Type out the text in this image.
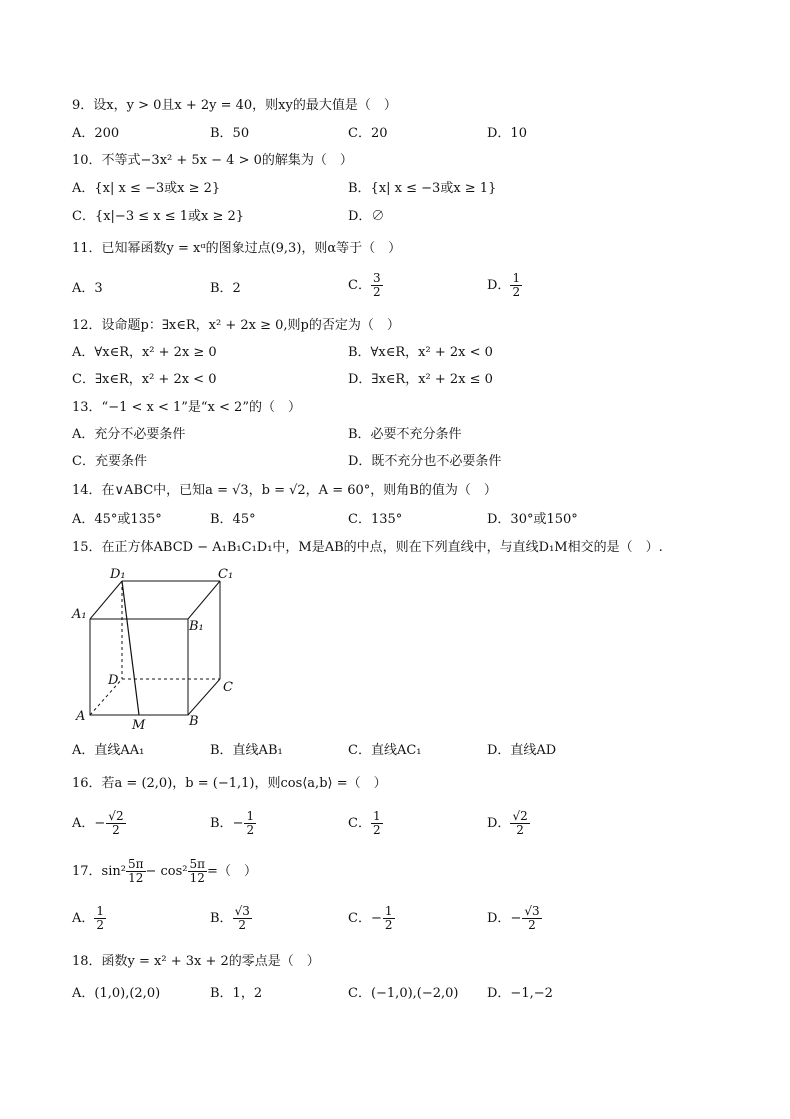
9．设x，y > 0且x + 2y = 40，则xy的最大值是（　）
A．200	B．50	C．20	D．10
10．不等式−3x² + 5x − 4 > 0的解集为（　）
A．{x| x ≤ −3或x ≥ 2}	B．{x| x ≤ −3或x ≥ 1}
C．{x|−3 ≤ x ≤ 1或x ≥ 2}	D．∅
11．已知幂函数y = xᵅ的图象过点(9,3)，则α等于（　）
A．3	B．2	C． $\frac{3}{2}$	D． $\frac{1}{2}$
12．设命题p：∃x∈R，x² + 2x ≥ 0,则p的否定为（　）
A．∀x∈R，x² + 2x ≥ 0	B．∀x∈R，x² + 2x < 0
C．∃x∈R，x² + 2x < 0	D．∃x∈R，x² + 2x ≤ 0
13．“−1 < x < 1”是“x < 2”的（　）
A．充分不必要条件	B．必要不充分条件
C．充要条件	D．既不充分也不必要条件
14．在∨ABC中，已知a = √3，b = √2，A = 60°，则角B的值为（　）
A．45°或135°	B．45°	C．135°	D．30°或150°
15．在正方体ABCD − A₁B₁C₁D₁中，M是AB的中点，则在下列直线中，与直线D₁M相交的是（　）.
D₁	C₁
A₁
B₁
D	C
A
M	B
A．直线AA₁	B．直线AB₁	C．直线AC₁	D．直线AD
16．若a = (2,0)，b = (−1,1)，则cos⟨a,b⟩ =（　）
A．− $\frac{√2}{2}$	B．− $\frac{1}{2}$	C． $\frac{1}{2}$	D． $\frac{√2}{2}$
17．$\sin^2 \frac{5\pi}{12} - \cos^2 \frac{5\pi}{12}$ =（　）
A． $\frac{1}{2}$	B． $\frac{√3}{2}$	C．− $\frac{1}{2}$	D．− $\frac{√3}{2}$
18．函数y = x² + 3x + 2的零点是（　）
A．(1,0),(2,0)	B．1，2	C．(−1,0),(−2,0) D．−1,−2
